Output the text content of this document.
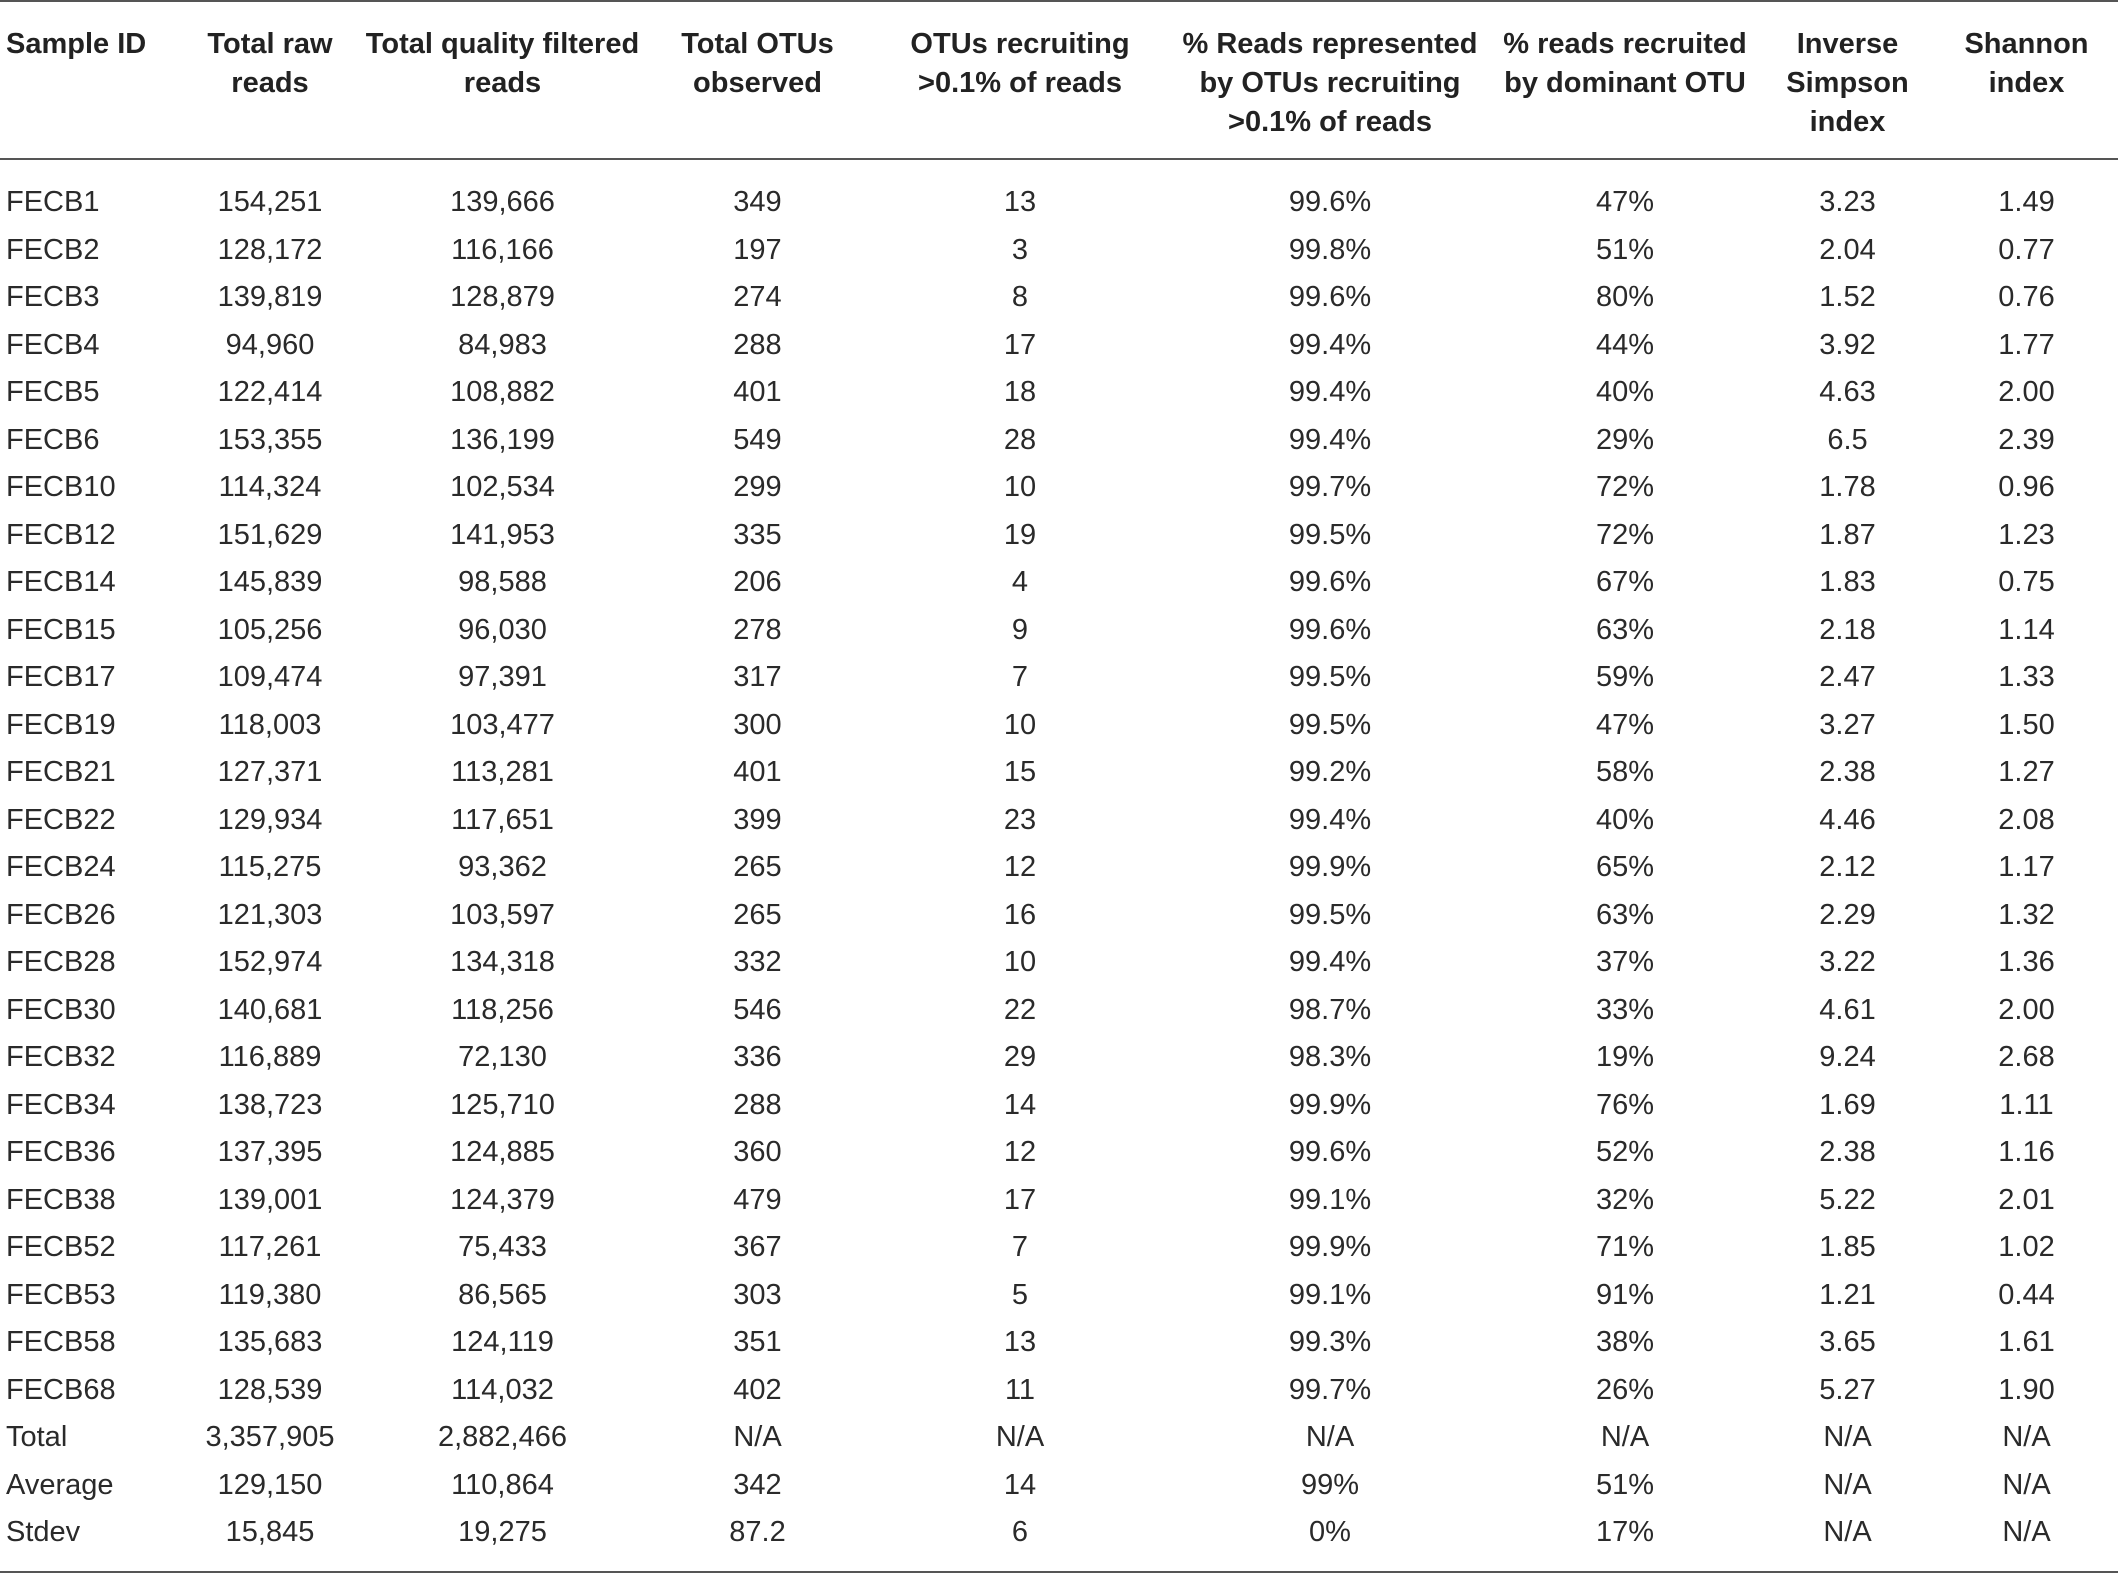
Sample ID	Total raw reads	Total quality filtered reads	Total OTUs observed	OTUs recruiting >0.1% of reads	% Reads represented by OTUs recruiting >0.1% of reads	% reads recruited by dominant OTU	Inverse Simpson index	Shannon index
FECB1	154,251	139,666	349	13	99.6%	47%	3.23	1.49
FECB2	128,172	116,166	197	3	99.8%	51%	2.04	0.77
FECB3	139,819	128,879	274	8	99.6%	80%	1.52	0.76
FECB4	94,960	84,983	288	17	99.4%	44%	3.92	1.77
FECB5	122,414	108,882	401	18	99.4%	40%	4.63	2.00
FECB6	153,355	136,199	549	28	99.4%	29%	6.5	2.39
FECB10	114,324	102,534	299	10	99.7%	72%	1.78	0.96
FECB12	151,629	141,953	335	19	99.5%	72%	1.87	1.23
FECB14	145,839	98,588	206	4	99.6%	67%	1.83	0.75
FECB15	105,256	96,030	278	9	99.6%	63%	2.18	1.14
FECB17	109,474	97,391	317	7	99.5%	59%	2.47	1.33
FECB19	118,003	103,477	300	10	99.5%	47%	3.27	1.50
FECB21	127,371	113,281	401	15	99.2%	58%	2.38	1.27
FECB22	129,934	117,651	399	23	99.4%	40%	4.46	2.08
FECB24	115,275	93,362	265	12	99.9%	65%	2.12	1.17
FECB26	121,303	103,597	265	16	99.5%	63%	2.29	1.32
FECB28	152,974	134,318	332	10	99.4%	37%	3.22	1.36
FECB30	140,681	118,256	546	22	98.7%	33%	4.61	2.00
FECB32	116,889	72,130	336	29	98.3%	19%	9.24	2.68
FECB34	138,723	125,710	288	14	99.9%	76%	1.69	1.11
FECB36	137,395	124,885	360	12	99.6%	52%	2.38	1.16
FECB38	139,001	124,379	479	17	99.1%	32%	5.22	2.01
FECB52	117,261	75,433	367	7	99.9%	71%	1.85	1.02
FECB53	119,380	86,565	303	5	99.1%	91%	1.21	0.44
FECB58	135,683	124,119	351	13	99.3%	38%	3.65	1.61
FECB68	128,539	114,032	402	11	99.7%	26%	5.27	1.90
Total	3,357,905	2,882,466	N/A	N/A	N/A	N/A	N/A	N/A
Average	129,150	110,864	342	14	99%	51%	N/A	N/A
Stdev	15,845	19,275	87.2	6	0%	17%	N/A	N/A
